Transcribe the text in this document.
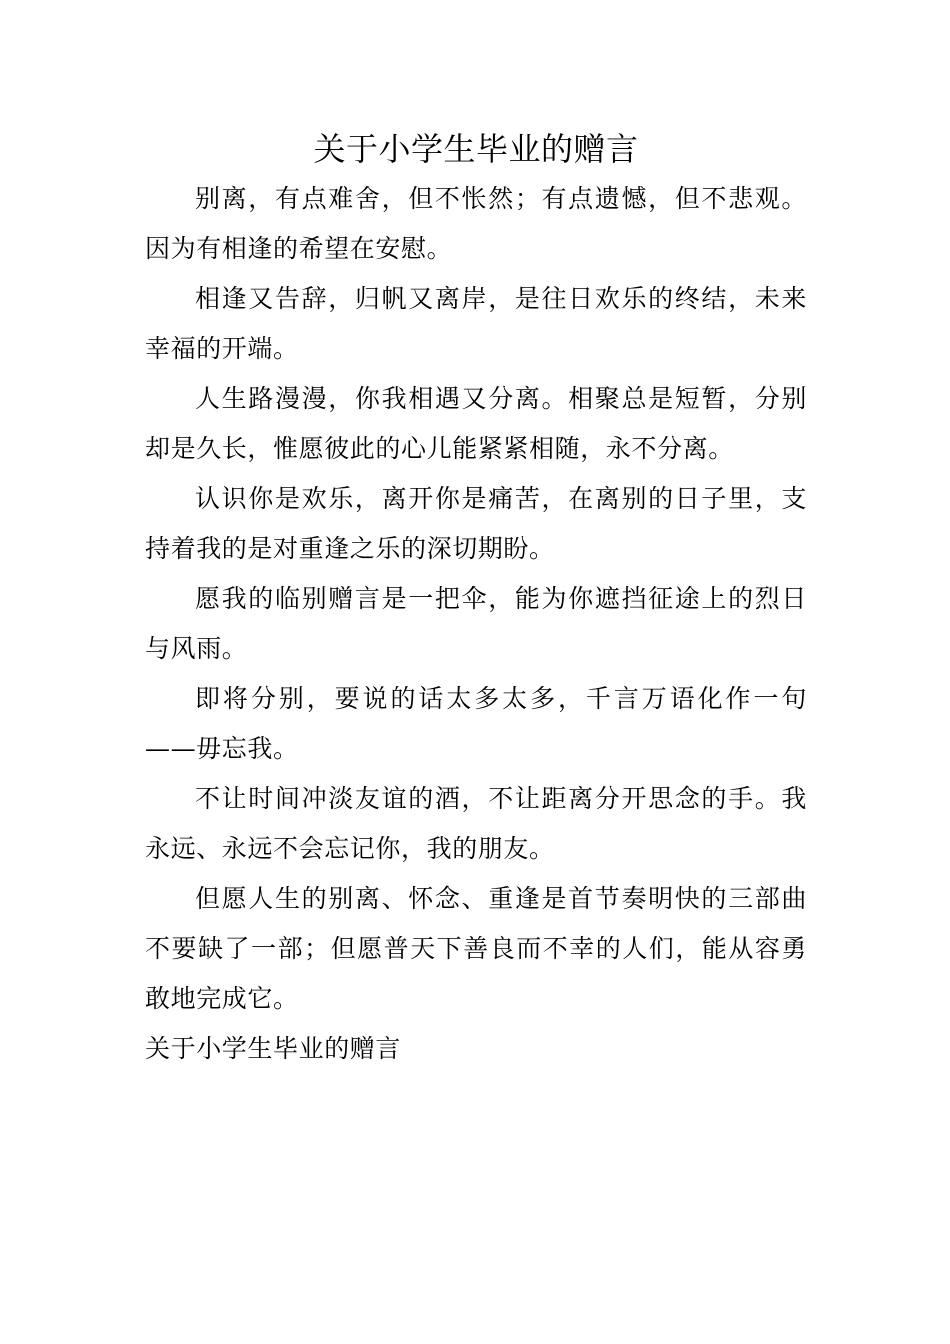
关于小学生毕业的赠言

别离，有点难舍，但不怅然；有点遗憾，但不悲观。因为有相逢的希望在安慰。

相逢又告辞，归帆又离岸，是往日欢乐的终结，未来幸福的开端。

人生路漫漫，你我相遇又分离。相聚总是短暂，分别却是久长，惟愿彼此的心儿能紧紧相随，永不分离。

认识你是欢乐，离开你是痛苦，在离别的日子里，支持着我的是对重逢之乐的深切期盼。

愿我的临别赠言是一把伞，能为你遮挡征途上的烈日与风雨。

即将分别，要说的话太多太多，千言万语化作一句——毋忘我。

不让时间冲淡友谊的酒，不让距离分开思念的手。我永远、永远不会忘记你，我的朋友。

但愿人生的别离、怀念、重逢是首节奏明快的三部曲不要缺了一部；但愿普天下善良而不幸的人们，能从容勇敢地完成它。

关于小学生毕业的赠言
